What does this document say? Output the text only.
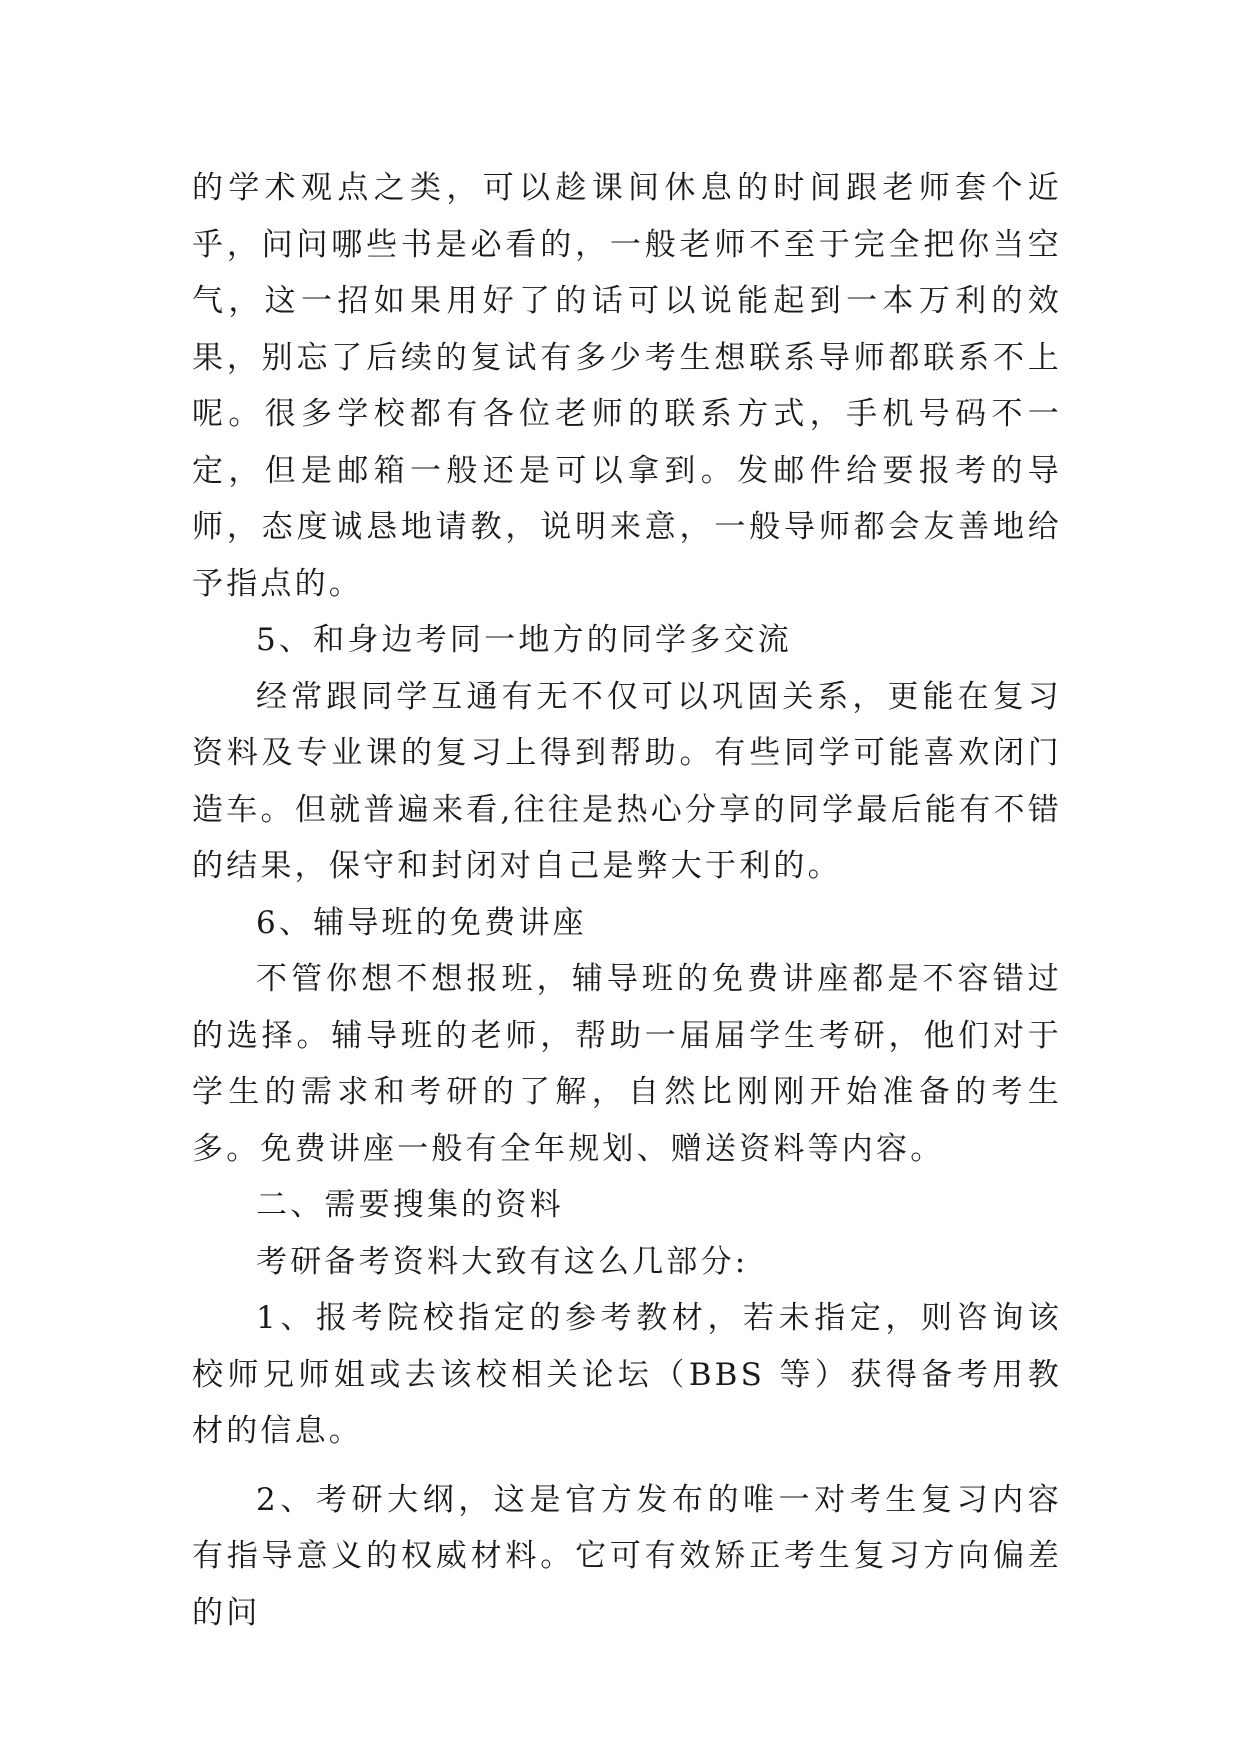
的学术观点之类，可以趁课间休息的时间跟老师套个近乎，问问哪些书是必看的，一般老师不至于完全把你当空气，这一招如果用好了的话可以说能起到一本万利的效果，别忘了后续的复试有多少考生想联系导师都联系不上呢。很多学校都有各位老师的联系方式，手机号码不一定，但是邮箱一般还是可以拿到。发邮件给要报考的导师，态度诚恳地请教，说明来意，一般导师都会友善地给予指点的。

5、和身边考同一地方的同学多交流

经常跟同学互通有无不仅可以巩固关系，更能在复习资料及专业课的复习上得到帮助。有些同学可能喜欢闭门造车。但就普遍来看,往往是热心分享的同学最后能有不错的结果，保守和封闭对自己是弊大于利的。

6、辅导班的免费讲座

不管你想不想报班，辅导班的免费讲座都是不容错过的选择。辅导班的老师，帮助一届届学生考研，他们对于学生的需求和考研的了解，自然比刚刚开始准备的考生多。免费讲座一般有全年规划、赠送资料等内容。

二、需要搜集的资料

考研备考资料大致有这么几部分:

1、报考院校指定的参考教材，若未指定，则咨询该校师兄师姐或去该校相关论坛（BBS 等）获得备考用教材的信息。

2、考研大纲，这是官方发布的唯一对考生复习内容有指导意义的权威材料。它可有效矫正考生复习方向偏差的问
